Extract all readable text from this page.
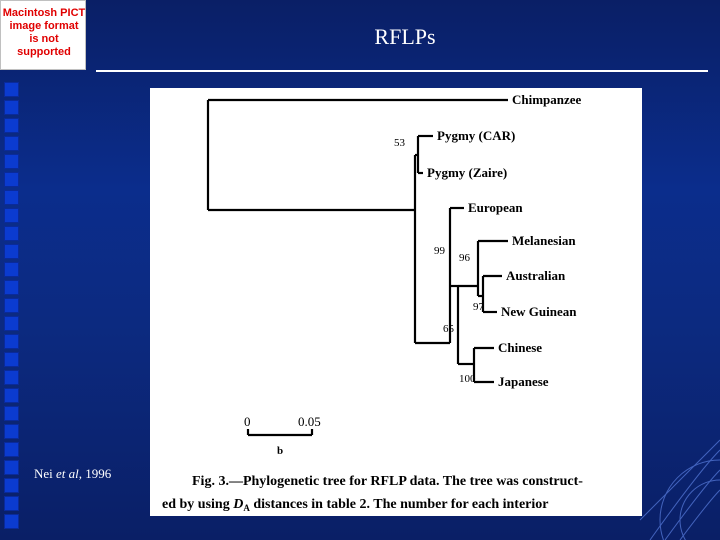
Macintosh PICT
image format
is not supported
RFLPs
Chimpanzee
Pygmy (CAR)
Pygmy (Zaire)
European
Melanesian
Australian
New Guinean
Chinese
Japanese
53
99
96
97
65
100
0	0.05
b
Fig. 3.—Phylogenetic tree for RFLP data. The tree was construct-
ed by using $D_A$ distances in table 2. The number for each interior
Nei et al, 1996
